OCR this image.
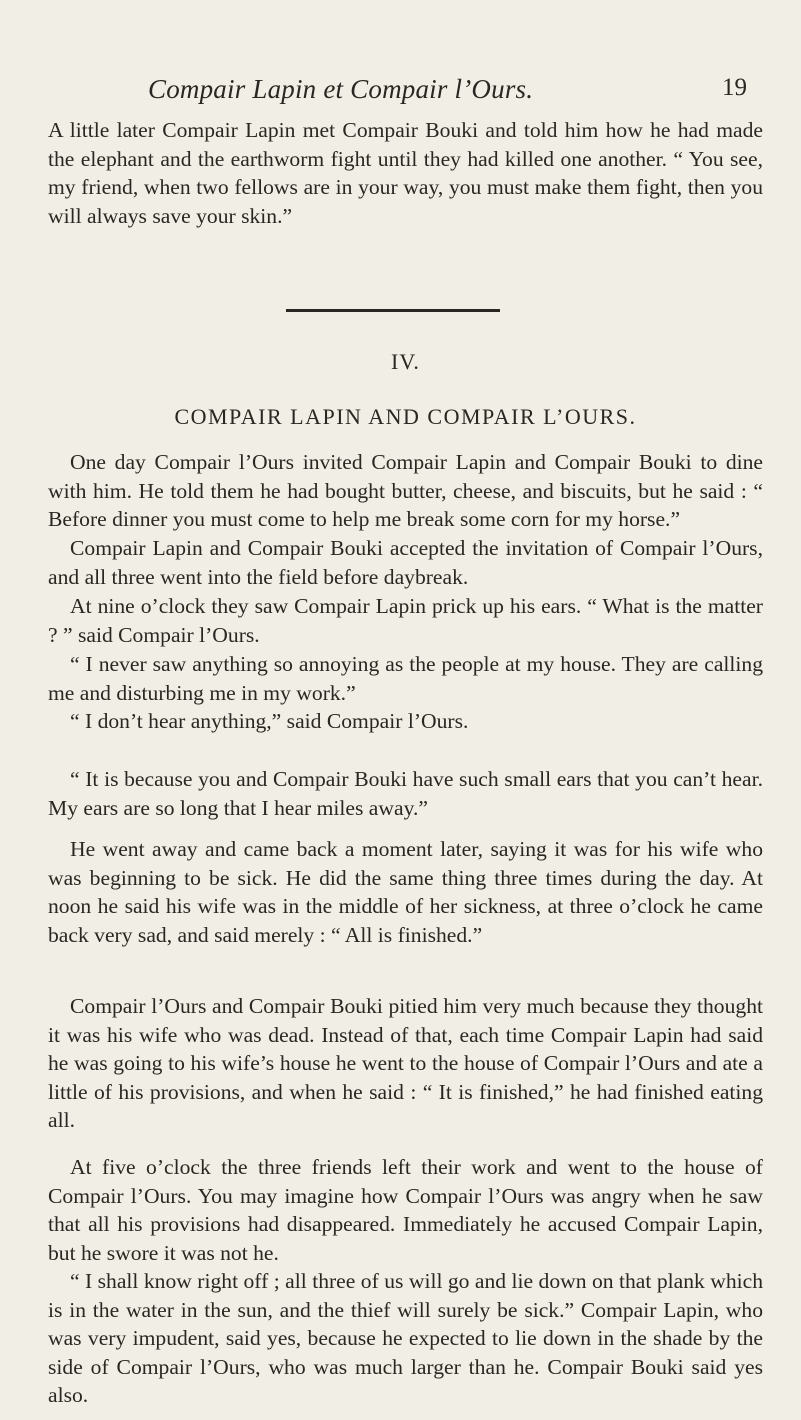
Compair Lapin et Compair l’Ours.	19

A little later Compair Lapin met Compair Bouki and told him how he had made the elephant and the earthworm fight until they had killed one another. “ You see, my friend, when two fellows are in your way, you must make them fight, then you will always save your skin.”

IV.
COMPAIR LAPIN AND COMPAIR L’OURS.

One day Compair l’Ours invited Compair Lapin and Compair Bouki to dine with him. He told them he had bought butter, cheese, and biscuits, but he said : “ Before dinner you must come to help me break some corn for my horse.”

Compair Lapin and Compair Bouki accepted the invitation of Compair l’Ours, and all three went into the field before daybreak.

At nine o’clock they saw Compair Lapin prick up his ears. “ What is the matter ? ” said Compair l’Ours.

“ I never saw anything so annoying as the people at my house. They are calling me and disturbing me in my work.”

“ I don’t hear anything,” said Compair l’Ours.

“ It is because you and Compair Bouki have such small ears that you can’t hear. My ears are so long that I hear miles away.”

He went away and came back a moment later, saying it was for his wife who was beginning to be sick. He did the same thing three times during the day. At noon he said his wife was in the middle of her sickness, at three o’clock he came back very sad, and said merely : “ All is finished.”

Compair l’Ours and Compair Bouki pitied him very much because they thought it was his wife who was dead. Instead of that, each time Compair Lapin had said he was going to his wife’s house he went to the house of Compair l’Ours and ate a little of his provisions, and when he said : “ It is finished,” he had finished eating all.

At five o’clock the three friends left their work and went to the house of Compair l’Ours. You may imagine how Compair l’Ours was angry when he saw that all his provisions had disappeared. Immediately he accused Compair Lapin, but he swore it was not he.

“ I shall know right off ; all three of us will go and lie down on that plank which is in the water in the sun, and the thief will surely be sick.” Compair Lapin, who was very impudent, said yes, because he expected to lie down in the shade by the side of Compair l’Ours, who was much larger than he. Compair Bouki said yes also.
